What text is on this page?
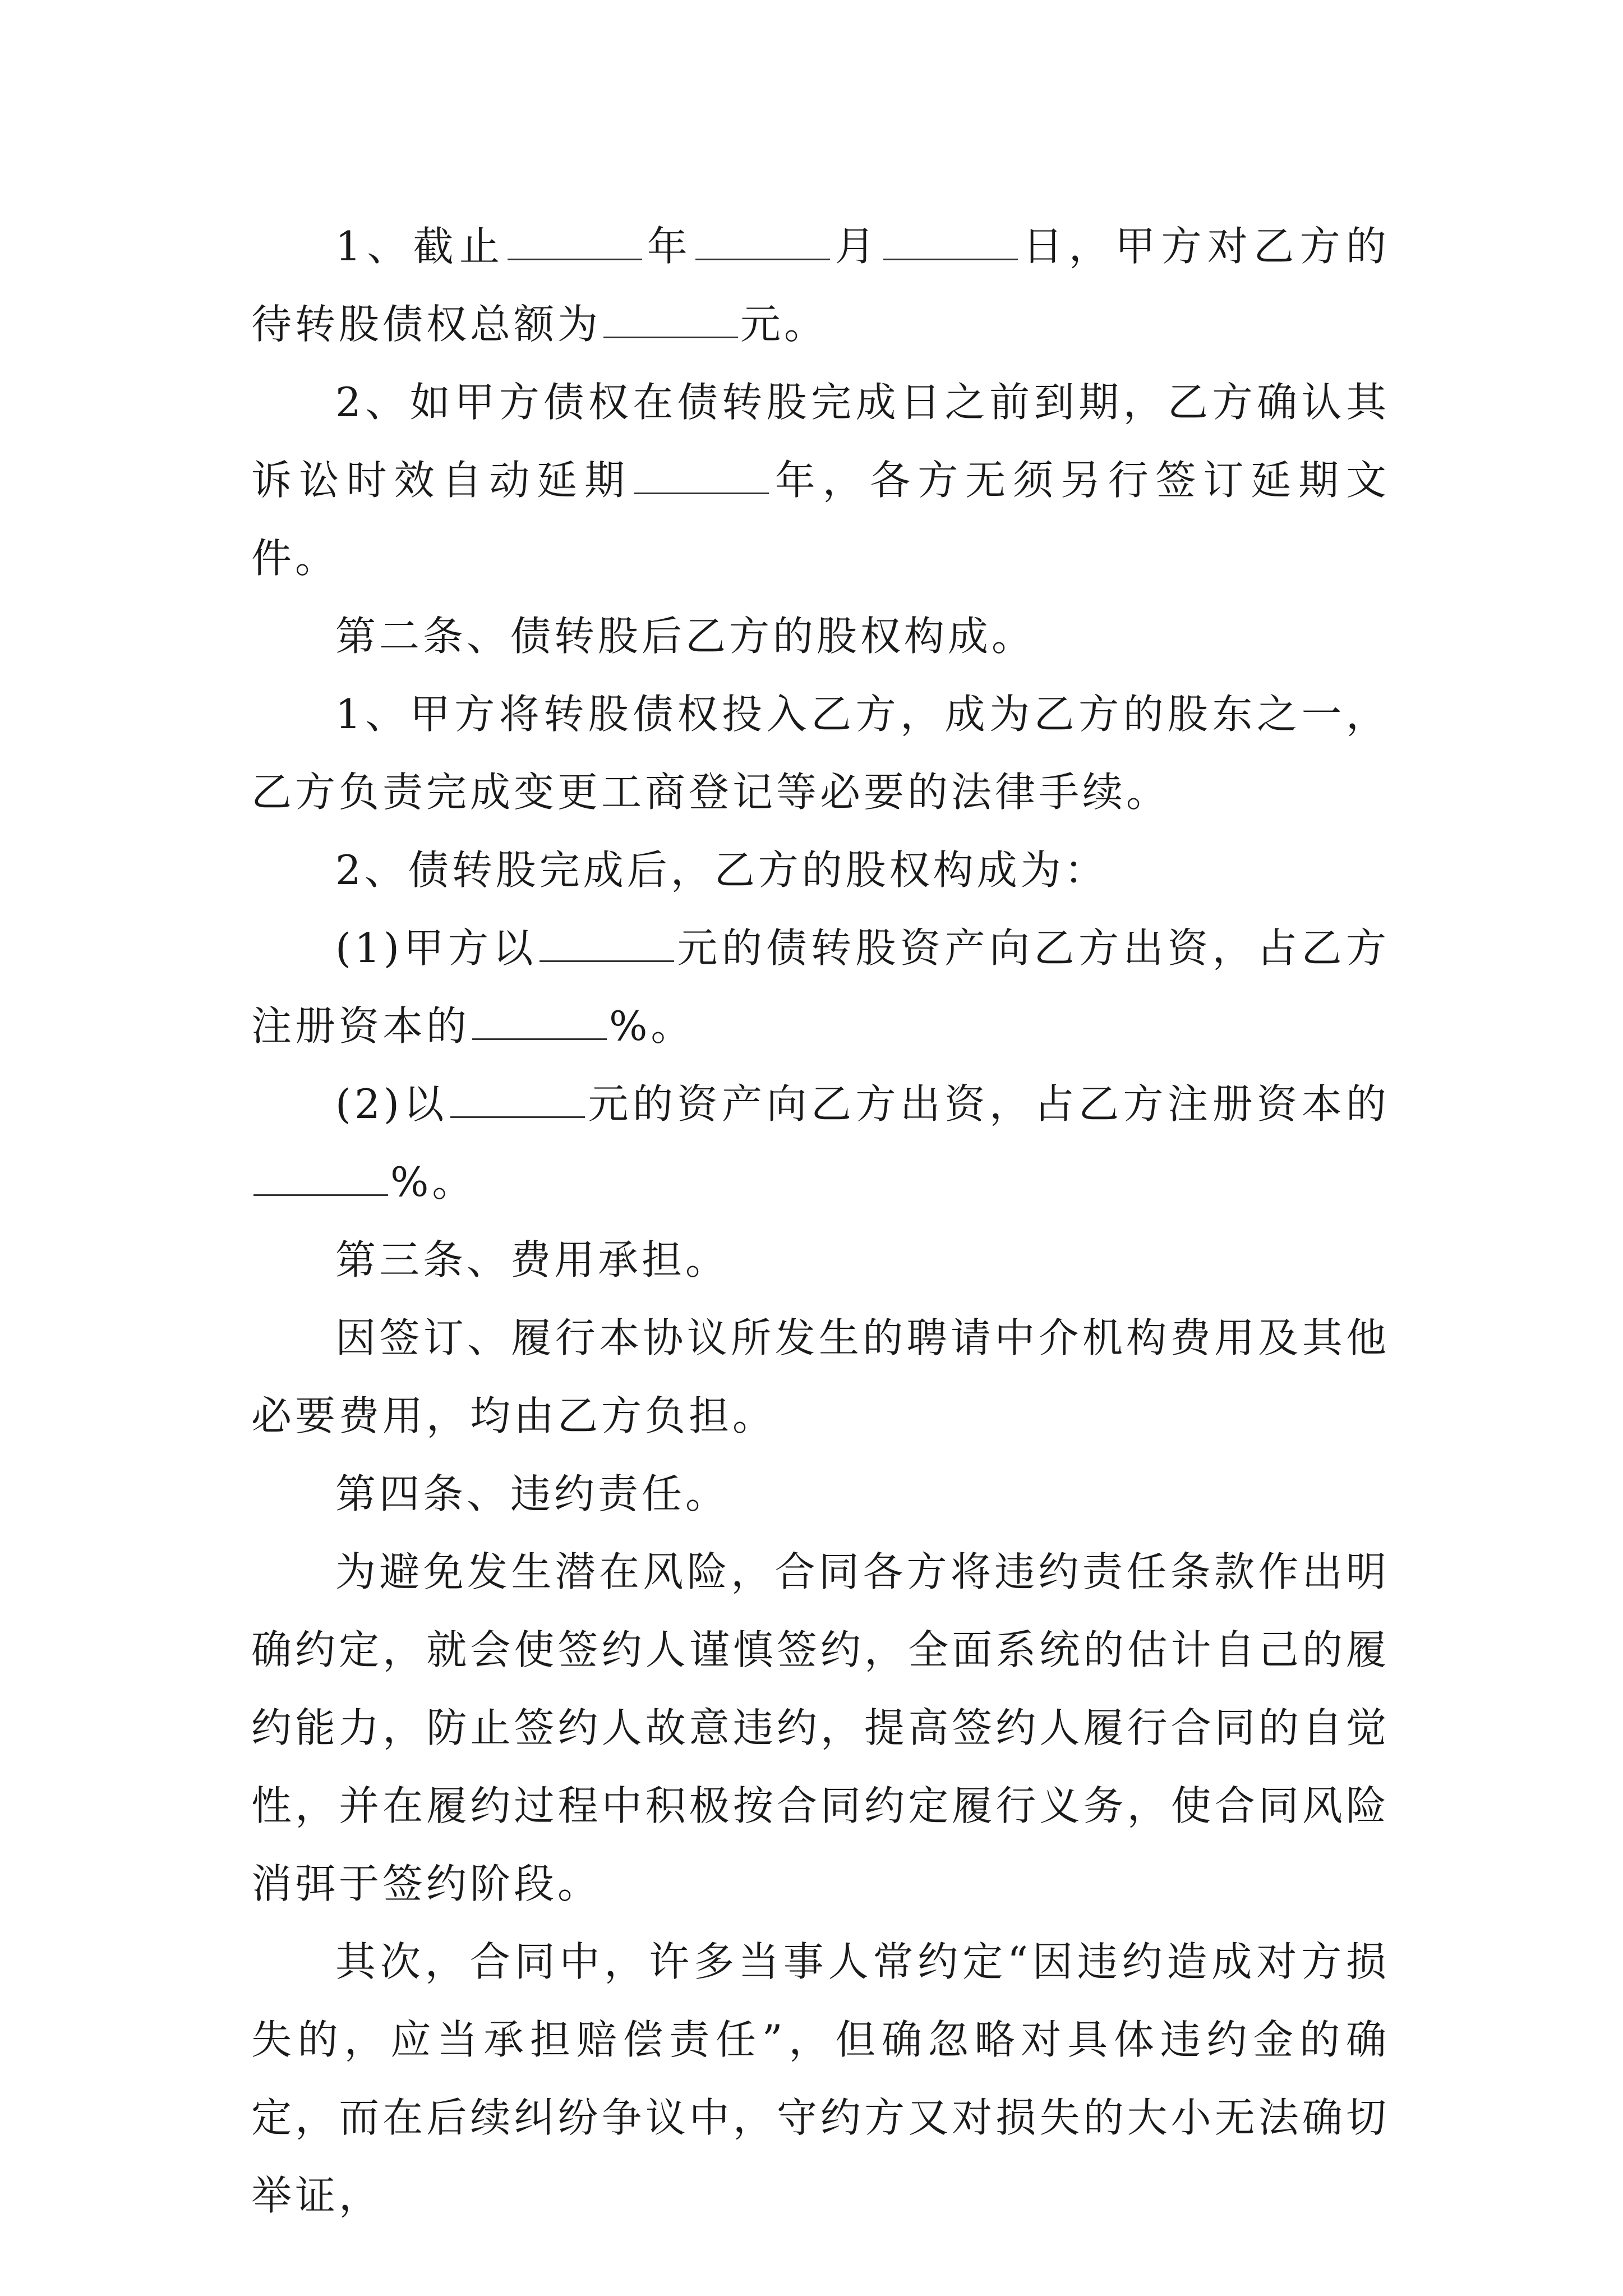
1、截止	年	月	日，甲方对乙方的待转股债权总额为	元。

2、如甲方债权在债转股完成日之前到期，乙方确认其诉讼时效自动延期	年，各方无须另行签订延期文件。

第二条、债转股后乙方的股权构成。

1、甲方将转股债权投入乙方，成为乙方的股东之一，乙方负责完成变更工商登记等必要的法律手续。

2、债转股完成后，乙方的股权构成为：

(1)甲方以	元的债转股资产向乙方出资，占乙方注册资本的	%。

(2)以	元的资产向乙方出资，占乙方注册资本的%。

第三条、费用承担。

因签订、履行本协议所发生的聘请中介机构费用及其他必要费用，均由乙方负担。

第四条、违约责任。

为避免发生潜在风险，合同各方将违约责任条款作出明确约定，就会使签约人谨慎签约，全面系统的估计自己的履约能力，防止签约人故意违约，提高签约人履行合同的自觉性，并在履约过程中积极按合同约定履行义务，使合同风险消弭于签约阶段。

其次，合同中，许多当事人常约定“因违约造成对方损失的，应当承担赔偿责任”，但确忽略对具体违约金的确定，而在后续纠纷争议中，守约方又对损失的大小无法确切举证，
